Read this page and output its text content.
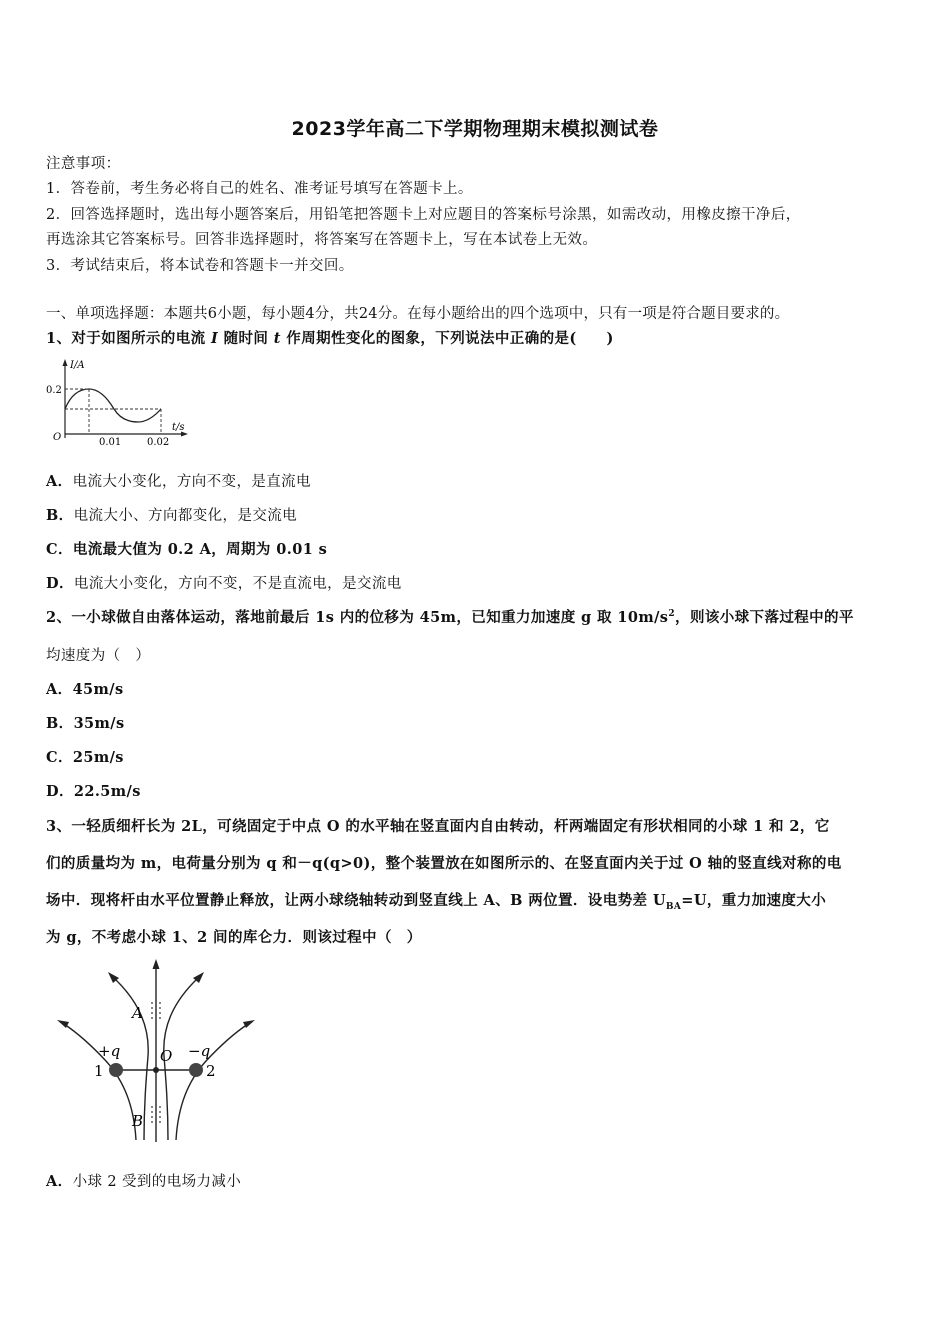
2023学年高二下学期物理期末模拟测试卷
注意事项：
1．答卷前，考生务必将自己的姓名、准考证号填写在答题卡上。
2．回答选择题时，选出每小题答案后，用铅笔把答题卡上对应题目的答案标号涂黑，如需改动，用橡皮擦干净后，
再选涂其它答案标号。回答非选择题时，将答案写在答题卡上，写在本试卷上无效。
3．考试结束后，将本试卷和答题卡一并交回。
一、单项选择题：本题共6小题，每小题4分，共24分。在每小题给出的四个选项中，只有一项是符合题目要求的。
1、对于如图所示的电流 I 随时间 t 作周期性变化的图象，下列说法中正确的是(　　)
I/A
0.2
O	0.01	0.02
t/s
A．电流大小变化，方向不变，是直流电
B．电流大小、方向都变化，是交流电
C．电流最大值为 0.2 A，周期为 0.01 s
D．电流大小变化，方向不变，不是直流电，是交流电
2、一小球做自由落体运动，落地前最后 1s 内的位移为 45m，已知重力加速度 g 取 $10m/s^2$，则该小球下落过程中的平
均速度为（　）
A．45m/s
B．35m/s
C．25m/s
D．22.5m/s
3、一轻质细杆长为 2L，可绕固定于中点 O 的水平轴在竖直面内自由转动，杆两端固定有形状相同的小球 1 和 2，它
们的质量均为 m，电荷量分别为 q 和－q(q>0)，整个装置放在如图所示的、在竖直面内关于过 O 轴的竖直线对称的电
场中．现将杆由水平位置静止释放，让两小球绕轴转动到竖直线上 A、B 两位置．设电势差 $U_{BA}=U$，重力加速度大小
为 g，不考虑小球 1、2 间的库仑力．则该过程中（　）
A
B
O
+q	−q
1	2
A．小球 2 受到的电场力减小
